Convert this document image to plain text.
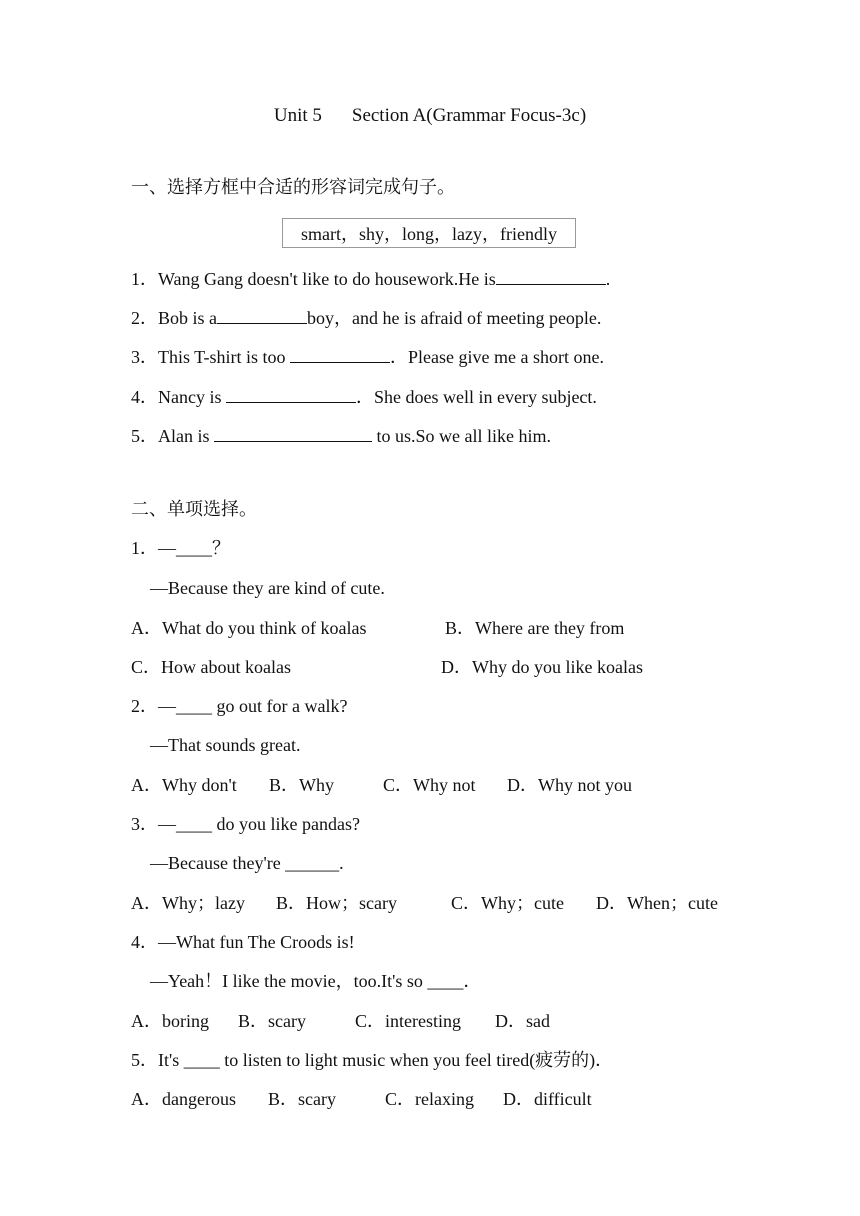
Unit 5 Section A(Grammar Focus-3c)
一、选择方框中合适的形容词完成句子。
smart，shy，long，lazy，friendly
1．Wang Gang doesn't like to do housework.He is	.
2．Bob is a	boy，and he is afraid of meeting people.
3．This T-shirt is too	．Please give me a short one.
4．Nancy is	．She does well in every subject.
5．Alan is	to us.So we all like him.
二、单项选择。
1．—____？
—Because they are kind of cute.
A．What do you think of koalas	B．Where are they from
C．How about koalas	D．Why do you like koalas
2．—____ go out for a walk?
—That sounds great.
A．Why don't B．Why	C．Why not D．Why not you
3．—____ do you like pandas?
—Because they're ______.
A．Why；lazy B．How；scary	C．Why；cute D．When；cute
4．—What fun The Croods is!
—Yeah！I like the movie，too.It's so ____．
A．boring B．scary	C．interesting D．sad
5．It's ____ to listen to light music when you feel tired(疲劳的)．
A．dangerous B．scary	C．relaxing D．difficult
